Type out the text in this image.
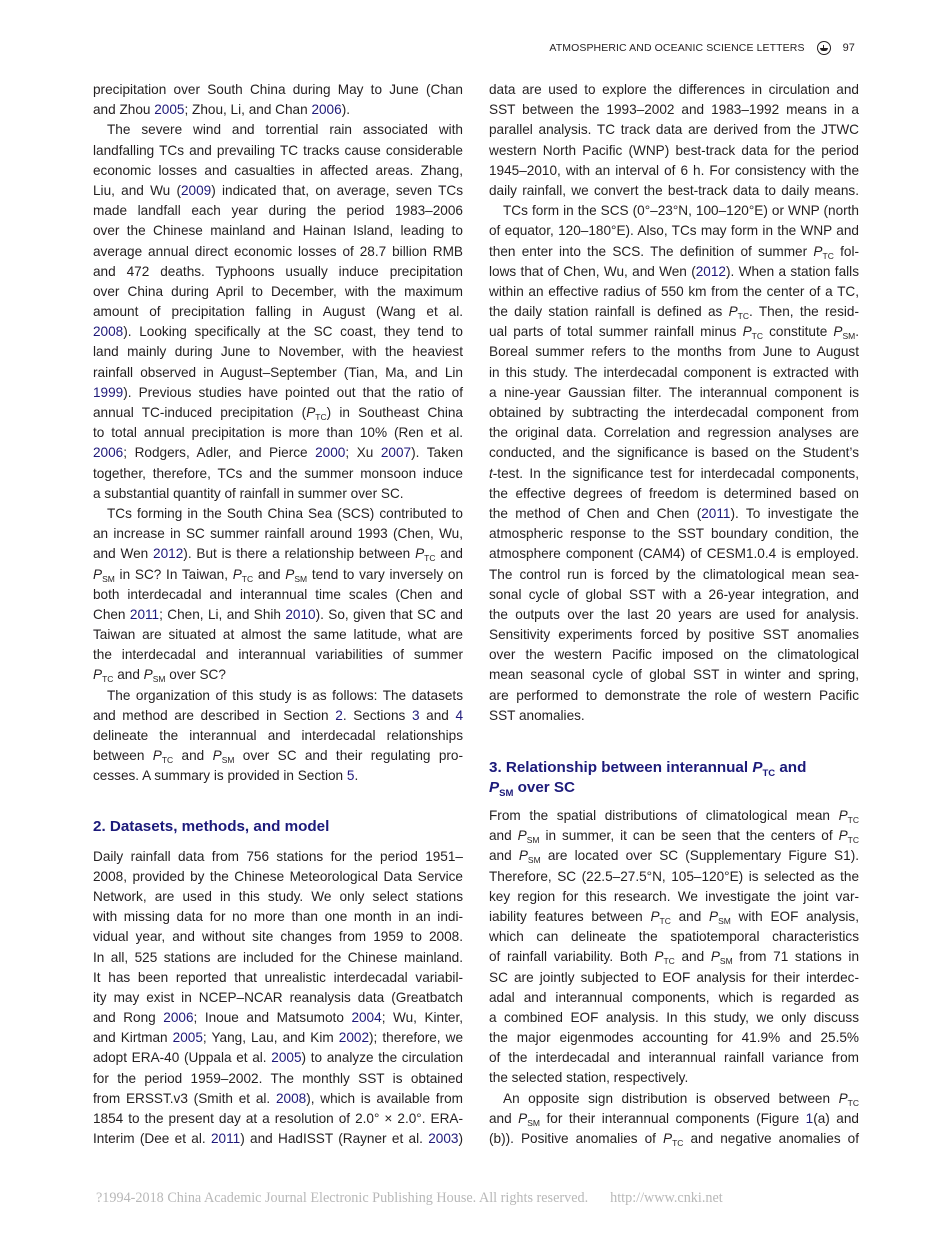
ATMOSPHERIC AND OCEANIC SCIENCE LETTERS	97
precipitation over South China during May to June (Chan
and Zhou 2005; Zhou, Li, and Chan 2006).
The severe wind and torrential rain associated with
landfalling TCs and prevailing TC tracks cause considerable
economic losses and casualties in affected areas. Zhang,
Liu, and Wu (2009) indicated that, on average, seven TCs
made landfall each year during the period 1983–2006
over the Chinese mainland and Hainan Island, leading to
average annual direct economic losses of 28.7 billion RMB
and 472 deaths. Typhoons usually induce precipitation
over China during April to December, with the maximum
amount of precipitation falling in August (Wang et al.
2008). Looking specifically at the SC coast, they tend to
land mainly during June to November, with the heaviest
rainfall observed in August–September (Tian, Ma, and Lin
1999). Previous studies have pointed out that the ratio of
annual TC-induced precipitation $(P_{TC})$ in Southeast China
to total annual precipitation is more than 10% (Ren et al.
2006; Rodgers, Adler, and Pierce 2000; Xu 2007). Taken
together, therefore, TCs and the summer monsoon induce
a substantial quantity of rainfall in summer over SC.
TCs forming in the South China Sea (SCS) contributed to
an increase in SC summer rainfall around 1993 (Chen, Wu,
and Wen 2012). But is there a relationship between $P_{TC}$ and
$P_{SM}$ in SC? In Taiwan, $P_{TC}$ and $P_{SM}$ tend to vary inversely on
both interdecadal and interannual time scales (Chen and
Chen 2011; Chen, Li, and Shih 2010). So, given that SC and
Taiwan are situated at almost the same latitude, what are
the interdecadal and interannual variabilities of summer
$P_{TC}$ and $P_{SM}$ over SC?
The organization of this study is as follows: The datasets
and method are described in Section 2. Sections 3 and 4
delineate the interannual and interdecadal relationships
between $P_{TC}$ and $P_{SM}$ over SC and their regulating pro-
cesses. A summary is provided in Section 5.
2. Datasets, methods, and model
Daily rainfall data from 756 stations for the period 1951–
2008, provided by the Chinese Meteorological Data Service
Network, are used in this study. We only select stations
with missing data for no more than one month in an indi-
vidual year, and without site changes from 1959 to 2008.
In all, 525 stations are included for the Chinese mainland.
It has been reported that unrealistic interdecadal variabil-
ity may exist in NCEP–NCAR reanalysis data (Greatbatch
and Rong 2006; Inoue and Matsumoto 2004; Wu, Kinter,
and Kirtman 2005; Yang, Lau, and Kim 2002); therefore, we
adopt ERA-40 (Uppala et al. 2005) to analyze the circulation
for the period 1959–2002. The monthly SST is obtained
from ERSST.v3 (Smith et al. 2008), which is available from
1854 to the present day at a resolution of 2.0° × 2.0°. ERA-
Interim (Dee et al. 2011) and HadISST (Rayner et al. 2003)
data are used to explore the differences in circulation and
SST between the 1993–2002 and 1983–1992 means in a
parallel analysis. TC track data are derived from the JTWC
western North Pacific (WNP) best-track data for the period
1945–2010, with an interval of 6 h. For consistency with the
daily rainfall, we convert the best-track data to daily means.
TCs form in the SCS (0°–23°N, 100–120°E) or WNP (north
of equator, 120–180°E). Also, TCs may form in the WNP and
then enter into the SCS. The definition of summer $P_{TC}$ fol-
lows that of Chen, Wu, and Wen (2012). When a station falls
within an effective radius of 550 km from the center of a TC,
the daily station rainfall is defined as $P_{TC}$. Then, the resid-
ual parts of total summer rainfall minus $P_{TC}$ constitute $P_{SM}$.
Boreal summer refers to the months from June to August
in this study. The interdecadal component is extracted with
a nine-year Gaussian filter. The interannual component is
obtained by subtracting the interdecadal component from
the original data. Correlation and regression analyses are
conducted, and the significance is based on the Student’s
t-test. In the significance test for interdecadal components,
the effective degrees of freedom is determined based on
the method of Chen and Chen (2011). To investigate the
atmospheric response to the SST boundary condition, the
atmosphere component (CAM4) of CESM1.0.4 is employed.
The control run is forced by the climatological mean sea-
sonal cycle of global SST with a 26-year integration, and
the outputs over the last 20 years are used for analysis.
Sensitivity experiments forced by positive SST anomalies
over the western Pacific imposed on the climatological
mean seasonal cycle of global SST in winter and spring,
are performed to demonstrate the role of western Pacific
SST anomalies.
3. Relationship between interannual $P_{TC}$ and
$P_{SM}$ over SC
From the spatial distributions of climatological mean $P_{TC}$
and $P_{SM}$ in summer, it can be seen that the centers of $P_{TC}$
and $P_{SM}$ are located over SC (Supplementary Figure S1).
Therefore, SC (22.5–27.5°N, 105–120°E) is selected as the
key region for this research. We investigate the joint var-
iability features between $P_{TC}$ and $P_{SM}$ with EOF analysis,
which can delineate the spatiotemporal characteristics
of rainfall variability. Both $P_{TC}$ and $P_{SM}$ from 71 stations in
SC are jointly subjected to EOF analysis for their interdec-
adal and interannual components, which is regarded as
a combined EOF analysis. In this study, we only discuss
the major eigenmodes accounting for 41.9% and 25.5%
of the interdecadal and interannual rainfall variance from
the selected station, respectively.
An opposite sign distribution is observed between $P_{TC}$
and $P_{SM}$ for their interannual components (Figure 1(a) and
(b)). Positive anomalies of $P_{TC}$ and negative anomalies of
?1994-2018 China Academic Journal Electronic Publishing House. All rights reserved. http://www.cnki.net
